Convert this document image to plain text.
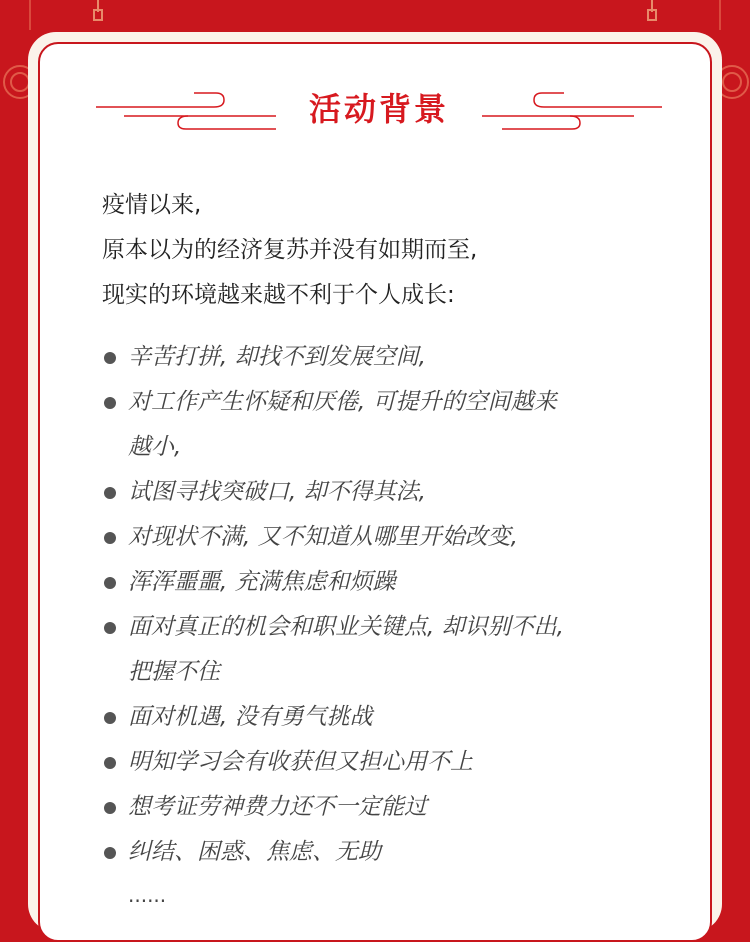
活动背景
疫情以来,
原本以为的经济复苏并没有如期而至,
现实的环境越来越不利于个人成长:
辛苦打拼, 却找不到发展空间,
对工作产生怀疑和厌倦, 可提升的空间越来
越小,
试图寻找突破口, 却不得其法,
对现状不满, 又不知道从哪里开始改变,
浑浑噩噩, 充满焦虑和烦躁
面对真正的机会和职业关键点, 却识别不出,
把握不住
面对机遇, 没有勇气挑战
明知学习会有收获但又担心用不上
想考证劳神费力还不一定能过
纠结、困惑、焦虑、无助
......
